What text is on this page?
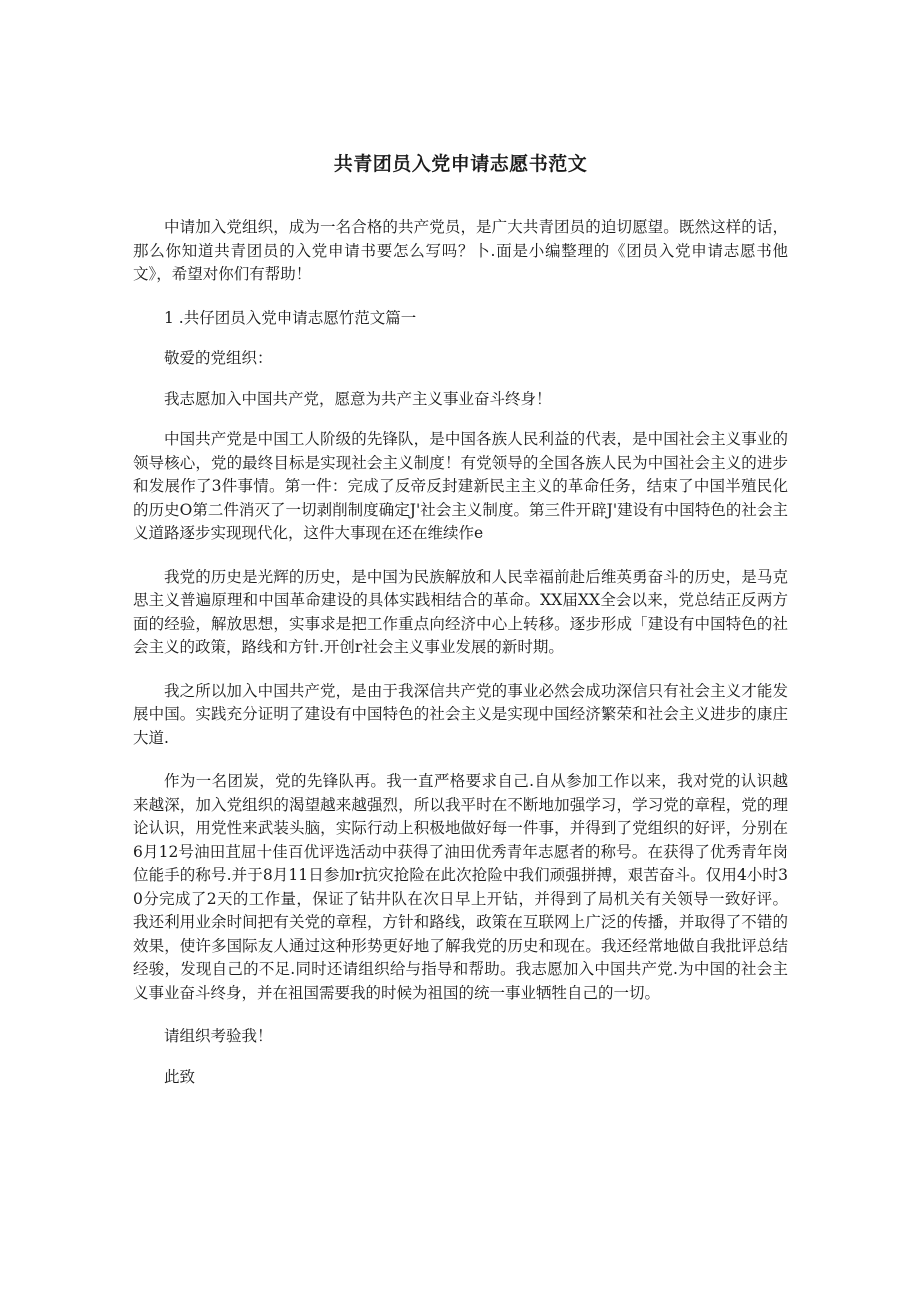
共青团员入党申请志愿书范文

中请加入党组织，成为一名合格的共产党员，是广大共青团员的迫切愿望。既然这样的话，那么你知道共青团员的入党申请书要怎么写吗？卜.面是小编整理的《团员入党申请志愿书他文》，希望对你们有帮助！

1 .共仔团员入党申请志愿竹范文篇一

敬爱的党组织：

我志愿加入中国共产党，愿意为共产主义事业奋斗终身！

中国共产党是中国工人阶级的先锋队，是中国各族人民利益的代表，是中国社会主义事业的领导核心，党的最终目标是实现社会主义制度！有党领导的全国各族人民为中国社会主义的进步和发展作了3件事情。第一件：完成了反帝反封建新民主主义的革命任务，结束了中国半殖民化的历史O第二件消灭了一切剥削制度确定J'社会主义制度。第三件开辟J'建设有中国特色的社会主义道路逐步实现现代化，这件大事现在还在维续作e

我党的历史是光辉的历史，是中国为民族解放和人民幸福前赴后维英勇奋斗的历史，是马克思主义普遍原理和中国革命建设的具体实践相结合的革命。XX届XX全会以来，党总结正反两方面的经验，解放思想，实事求是把工作重点向经济中心上转移。逐步形成「建设有中国特色的社会主义的政策，路线和方针.开创r社会主义事业发展的新时期。

我之所以加入中国共产党，是由于我深信共产党的事业必然会成功深信只有社会主义才能发展中国。实践充分证明了建设有中国特色的社会主义是实现中国经济繁荣和社会主义进步的康庄大道.

作为一名团炭，党的先锋队再。我一直严格要求自己.自从参加工作以来，我对党的认识越来越深，加入党组织的渴望越来越强烈，所以我平时在不断地加强学习，学习党的章程，党的理论认识，用党性来武装头脑，实际行动上积极地做好每一件事，并得到了党组织的好评，分别在6月12号油田苴屈十佳百优评选活动中获得了油田优秀青年志愿者的称号。在获得了优秀青年岗位能手的称号.并于8月11日参加r抗灾抢险在此次抢险中我们顽强拼搏，艰苦奋斗。仅用4小时30分完成了2天的工作量，保证了钻井队在次日早上开钻，并得到了局机关有关领导一致好评。我还利用业余时间把有关党的章程，方针和路线，政策在互联网上广泛的传播，并取得了不错的效果，使许多国际友人通过这种形势更好地了解我党的历史和现在。我还经常地做自我批评总结经骏，发现自己的不足.同时还请组织给与指导和帮助。我志愿加入中国共产党.为中国的社会主义事业奋斗终身，并在祖国需要我的时候为祖国的统一事业牺牲自己的一切。

请组织考验我！

此致
